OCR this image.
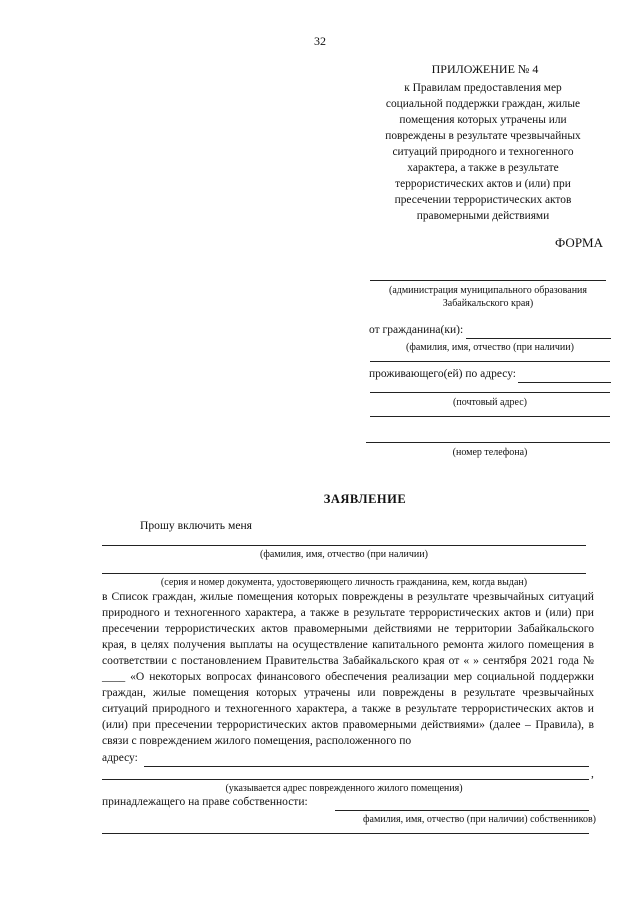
32
ПРИЛОЖЕНИЕ № 4
к Правилам предоставления мер
социальной поддержки граждан, жилые
помещения которых утрачены или
повреждены в результате чрезвычайных
ситуаций природного и техногенного
характера, а также в результате
террористических актов и (или) при
пресечении террористических актов
правомерными действиями
ФОРМА
(администрация муниципального образования
Забайкальского края)
от гражданина(ки):
(фамилия, имя, отчество (при наличии)
проживающего(ей) по адресу:
(почтовый адрес)
(номер телефона)
ЗАЯВЛЕНИЕ
Прошу включить меня
(фамилия, имя, отчество (при наличии)
(серия и номер документа, удостоверяющего личность гражданина, кем, когда выдан)
в Список граждан, жилые помещения которых повреждены в результате чрезвычайных ситуаций природного и техногенного характера, а также в результате террористических актов и (или) при пресечении террористических актов правомерными действиями не территории Забайкальского края, в целях получения выплаты на осуществление капитального ремонта жилого помещения в соответствии с постановлением Правительства Забайкальского края от « » сентября 2021 года № ____ «О некоторых вопросах финансового обеспечения реализации мер социальной поддержки граждан, жилые помещения которых утрачены или повреждены в результате чрезвычайных ситуаций природного и техногенного характера, а также в результате террористических актов и (или) при пресечении террористических актов правомерными действиями» (далее – Правила), в связи с повреждением жилого помещения, расположенного по
адресу:
,
(указывается адрес поврежденного жилого помещения)
принадлежащего на праве собственности:
фамилия, имя, отчество (при наличии) собственников)
